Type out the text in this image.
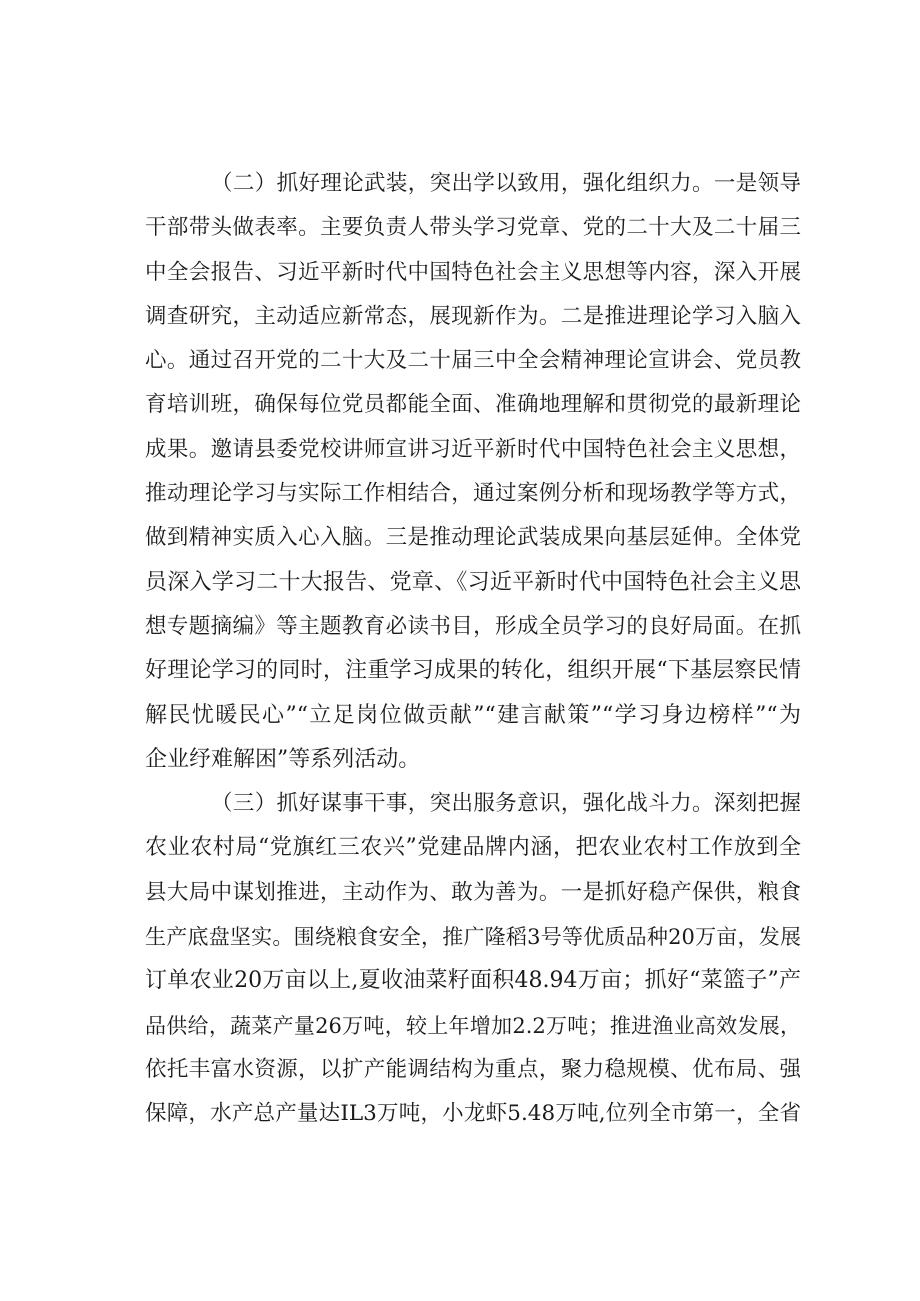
（二）抓好理论武装，突出学以致用，强化组织力。一是领导
干部带头做表率。主要负责人带头学习党章、党的二十大及二十届三
中全会报告、习近平新时代中国特色社会主义思想等内容，深入开展
调查研究，主动适应新常态，展现新作为。二是推进理论学习入脑入
心。通过召开党的二十大及二十届三中全会精神理论宣讲会、党员教
育培训班，确保每位党员都能全面、准确地理解和贯彻党的最新理论
成果。邀请县委党校讲师宣讲习近平新时代中国特色社会主义思想，
推动理论学习与实际工作相结合，通过案例分析和现场教学等方式，
做到精神实质入心入脑。三是推动理论武装成果向基层延伸。全体党
员深入学习二十大报告、党章、《习近平新时代中国特色社会主义思
想专题摘编》等主题教育必读书目，形成全员学习的良好局面。在抓
好理论学习的同时，注重学习成果的转化，组织开展“下基层察民情
解民忧暖民心”“立足岗位做贡献”“建言献策”“学习身边榜样”“为
企业纾难解困”等系列活动。
（三）抓好谋事干事，突出服务意识，强化战斗力。深刻把握
农业农村局“党旗红三农兴”党建品牌内涵，把农业农村工作放到全
县大局中谋划推进，主动作为、敢为善为。一是抓好稳产保供，粮食
生产底盘坚实。围绕粮食安全，推广隆稻3号等优质品种20万亩，发展
订单农业20万亩以上,夏收油菜籽面积48.94万亩；抓好“菜篮子”产
品供给，蔬菜产量26万吨，较上年增加2.2万吨；推进渔业高效发展，
依托丰富水资源，以扩产能调结构为重点，聚力稳规模、优布局、强
保障，水产总产量达IL3万吨，小龙虾5.48万吨,位列全市第一，全省
